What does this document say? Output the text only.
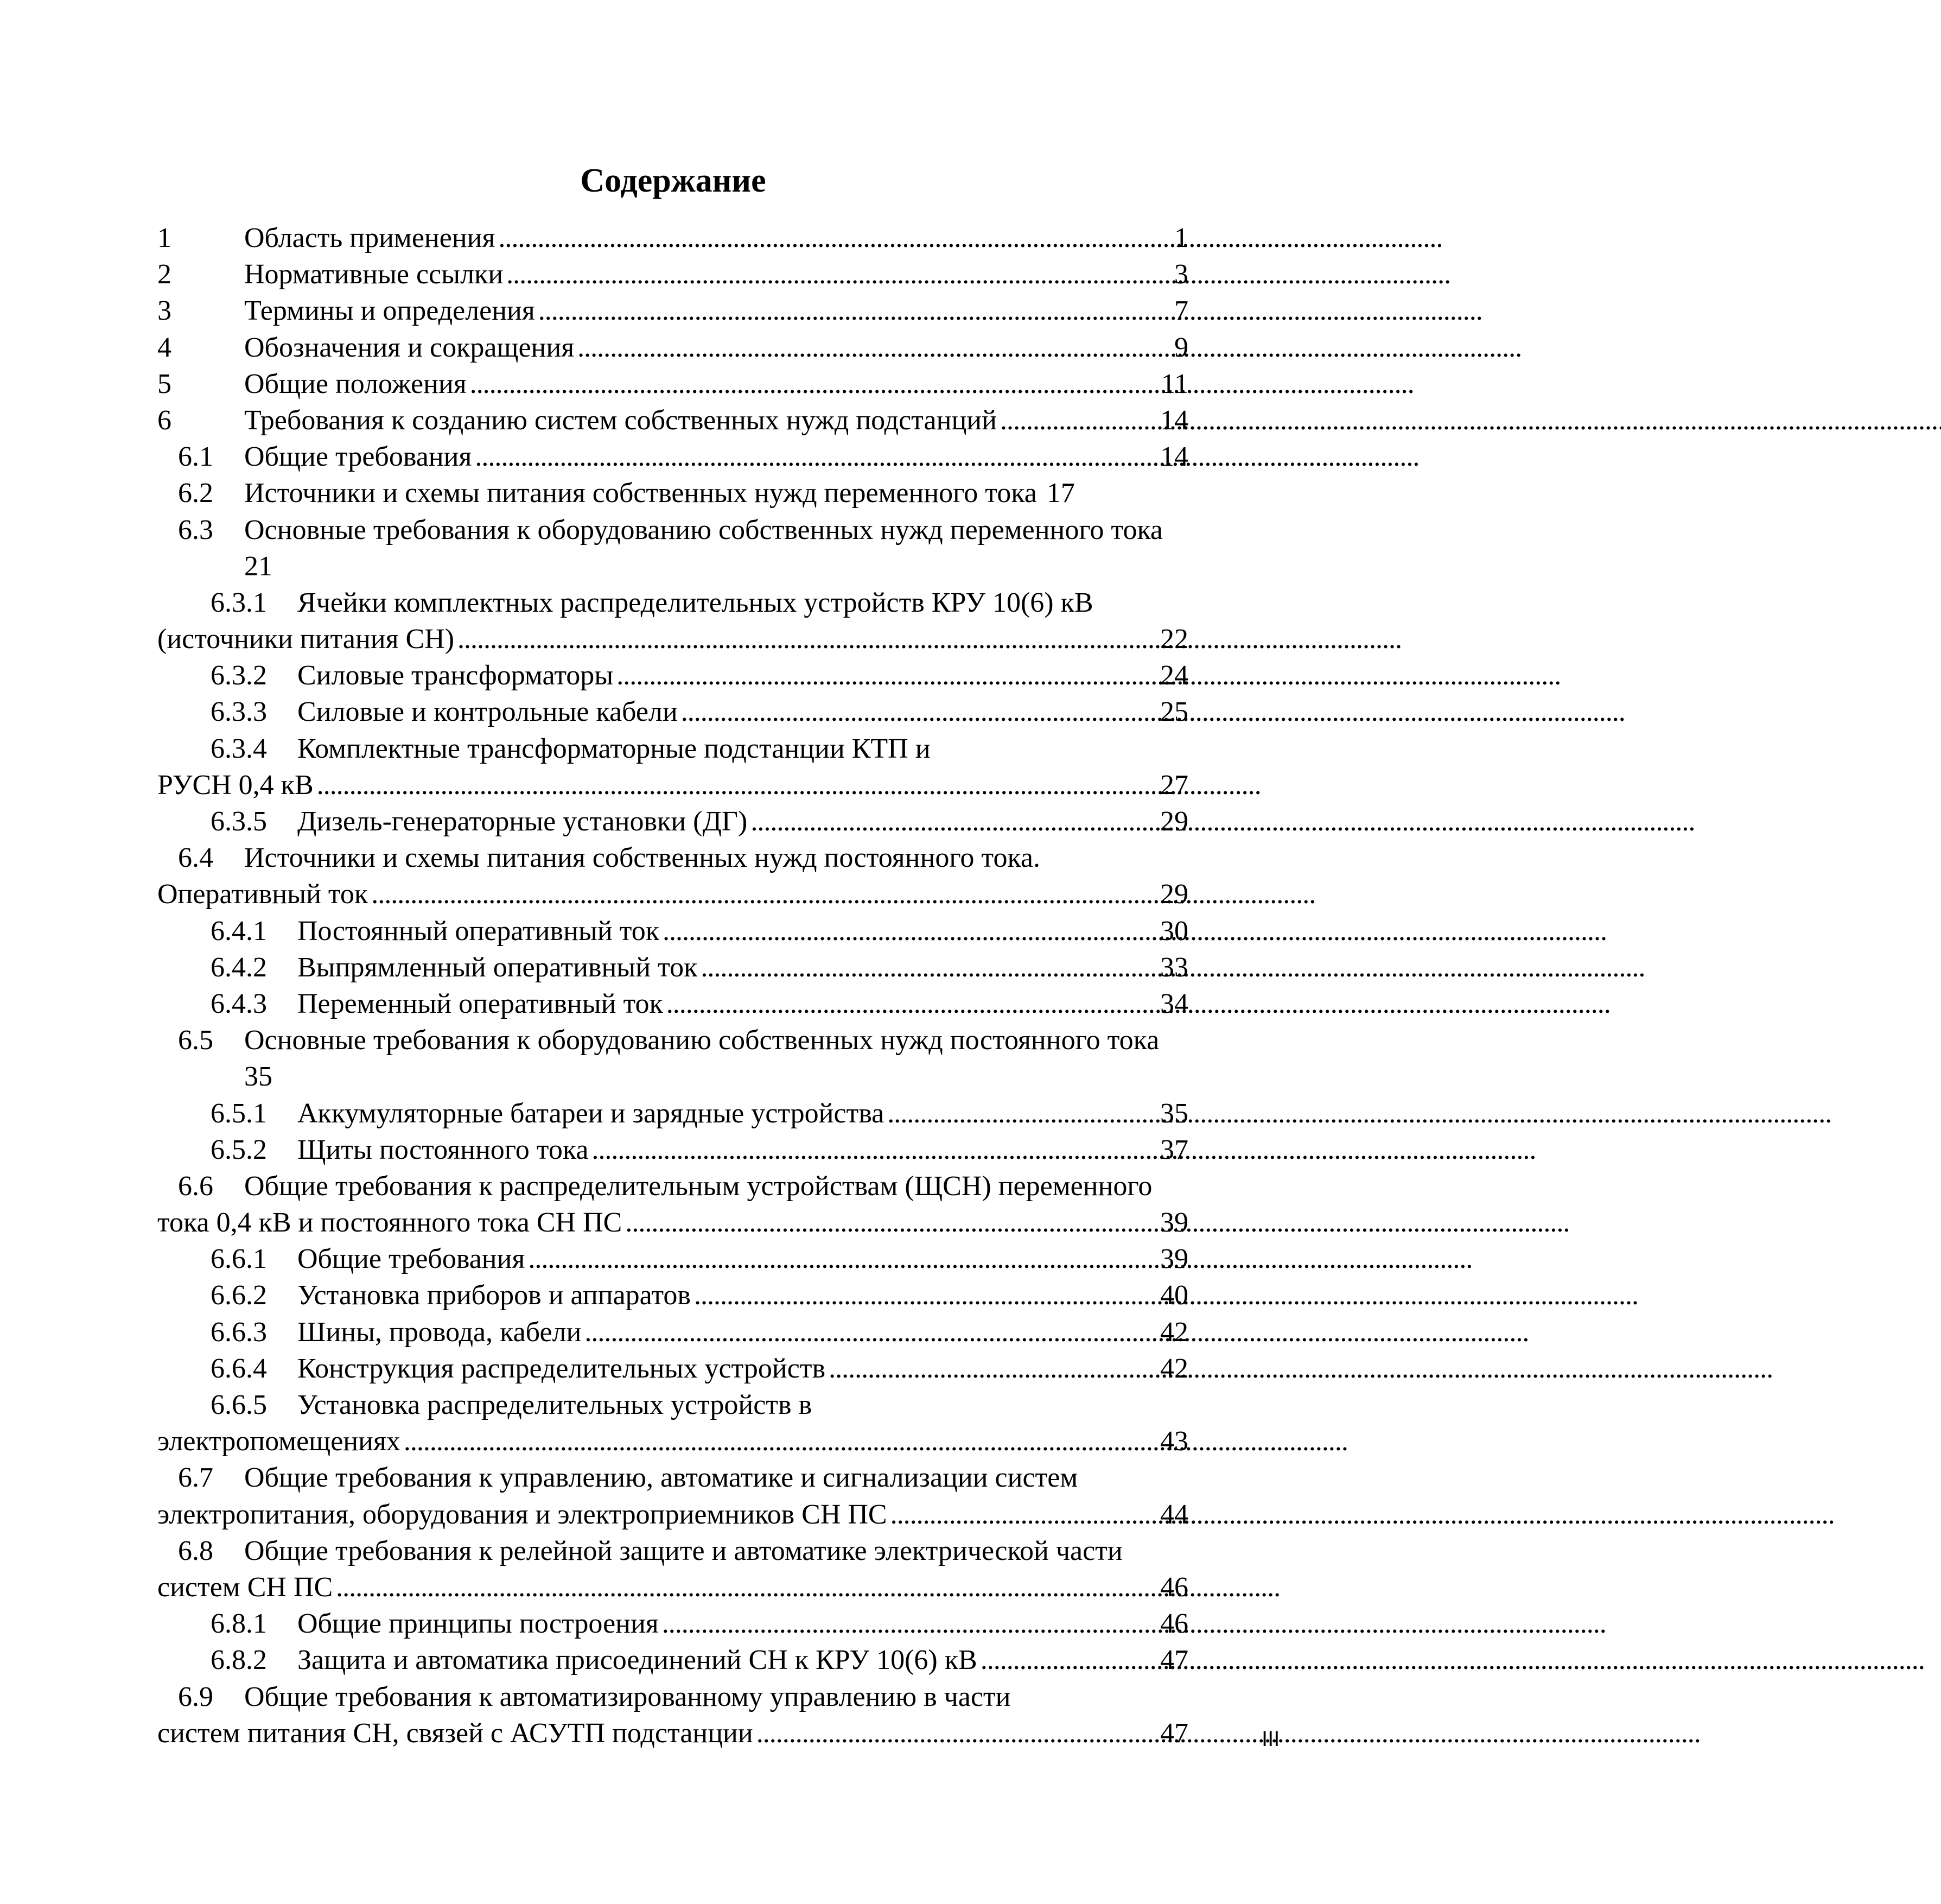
Содержание
1	Область применения . . .	1
2	Нормативные ссылки . . .	3
3	Термины и определения . . .	7
4	Обозначения и сокращения . . .	9
5	Общие положения . . .	11
6	Требования к созданию систем собственных нужд подстанций . . .	14
6.1	Общие требования . . .	14
6.2	Источники и схемы питания собственных нужд переменного тока 17
6.3	Основные требования к оборудованию собственных нужд переменного тока
21
6.3.1	Ячейки комплектных распределительных устройств КРУ 10(6) кВ
(источники питания СН) . . .	22
6.3.2	Силовые трансформаторы . . .	24
6.3.3	Силовые и контрольные кабели . . .	25
6.3.4	Комплектные трансформаторные подстанции КТП и
РУСН 0,4 кВ . . .	27
6.3.5	Дизель-генераторные установки (ДГ) . . .	29
6.4	Источники и схемы питания собственных нужд постоянного тока.
Оперативный ток . . .	29
6.4.1	Постоянный оперативный ток . . .	30
6.4.2	Выпрямленный оперативный ток . . .	33
6.4.3	Переменный оперативный ток . . .	34
6.5	Основные требования к оборудованию собственных нужд постоянного тока
35
6.5.1	Аккумуляторные батареи и зарядные устройства . . .	35
6.5.2	Щиты постоянного тока . . .	37
6.6	Общие требования к распределительным устройствам (ЩСН) переменного
тока 0,4 кВ и постоянного тока СН ПС . . .	39
6.6.1	Общие требования . . .	39
6.6.2	Установка приборов и аппаратов . . .	40
6.6.3	Шины, провода, кабели . . .	42
6.6.4	Конструкция распределительных устройств . . .	42
6.6.5	Установка распределительных устройств в
электропомещениях . . .	43
6.7	Общие требования к управлению, автоматике и сигнализации систем
электропитания, оборудования и электроприемников СН ПС . . .	44
6.8	Общие требования к релейной защите и автоматике электрической части
систем СН ПС . . .	46
6.8.1	Общие принципы построения . . .	46
6.8.2	Защита и автоматика присоединений СН к КРУ 10(6) кВ . . .	47
6.9	Общие требования к автоматизированному управлению в части
систем питания СН, связей с АСУТП подстанции . . .	47	III
